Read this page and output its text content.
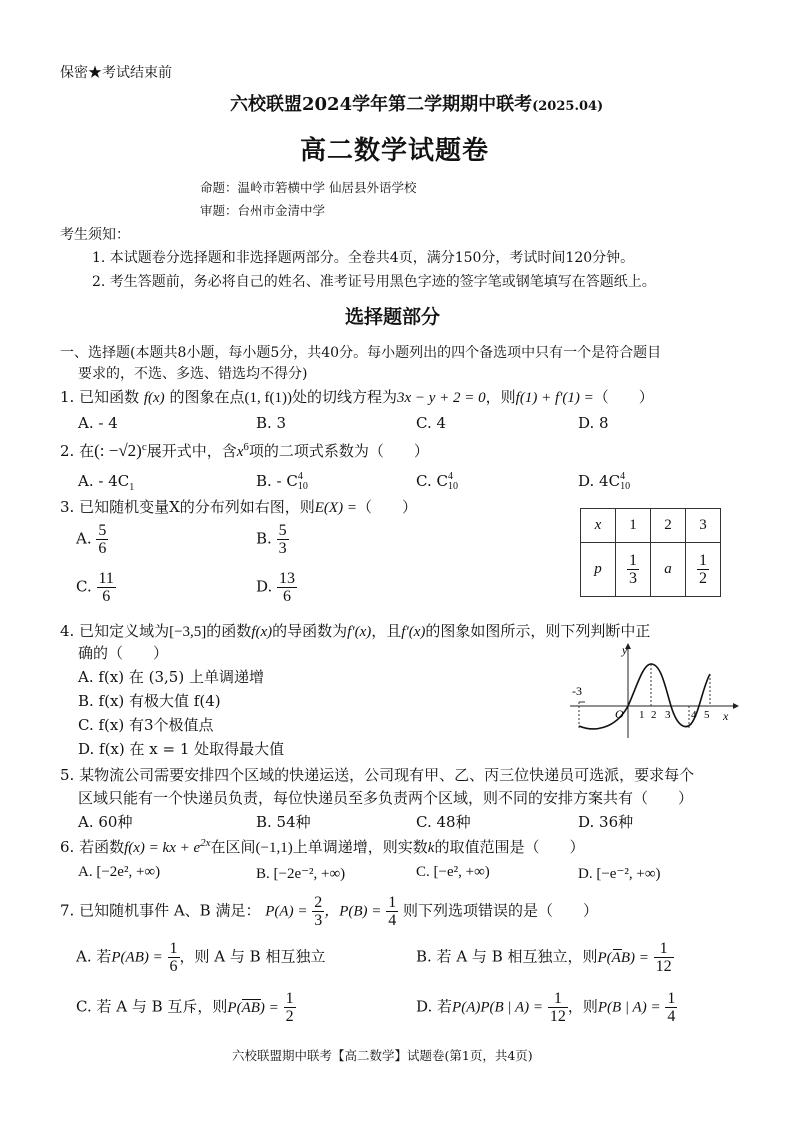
保密★考试结束前
六校联盟2024学年第二学期期中联考(2025.04)
高二数学试题卷
命题：温岭市箬横中学 仙居县外语学校
审题：台州市金清中学
考生须知：
1. 本试题卷分选择题和非选择题两部分。全卷共4页，满分150分，考试时间120分钟。
2. 考生答题前，务必将自己的姓名、准考证号用黑色字迹的签字笔或钢笔填写在答题纸上。
选择题部分
一、选择题(本题共8小题，每小题5分，共40分。每小题列出的四个备选项中只有一个是符合题目
要求的，不选、多选、错选均不得分)
1. 已知函数 f(x) 的图象在点(1, f(1))处的切线方程为3x − y + 2 = 0，则f(1) + f′(1) =（　　）
A. - 4	B. 3	C. 4	D. 8
2. 在(: −√2)$^c$展开式中，含$x^6$项的二项式系数为（　　）
A. - $4C_1$	B. - C 4
10	C. C 4
10	D. 4C 4
10
3. 已知随机变量X的分布列如右图，则E(X) =（　　）
A. $\frac{5}{6}$	B. $\frac{5}{3}$
C. $\frac{11}{6}$	D. $\frac{13}{6}$
x	1	2	3
p	$\frac{1}{3}$	a	$\frac{1}{2}$
4. 已知定义域为[−3,5]的函数f(x)的导函数为f′(x)，且f′(x)的图象如图所示，则下列判断中正
确的（　　）
A. f(x) 在 (3,5) 上单调递增
B. f(x) 有极大值 f(4)
C. f(x) 有3个极值点
D. f(x) 在 x = 1 处取得最大值
y
x
O
-3
1 2 3 4 5
5. 某物流公司需要安排四个区域的快递运送，公司现有甲、乙、丙三位快递员可选派，要求每个
区域只能有一个快递员负责，每位快递员至多负责两个区域，则不同的安排方案共有（　　）
A. 60种	B. 54种	C. 48种	D. 36种
6. 若函数f(x) = kx + $e^{2x}$在区间(−1,1)上单调递增，则实数k的取值范围是（　　）
A. [−2e², +∞)	B. [−2e⁻², +∞)	C. [−e², +∞)	D. [−e⁻², +∞)
7. 已知随机事件 A、B 满足： $P(A) = \frac{2}{3}$ ，$P(B) = \frac{1}{4}$ 则下列选项错误的是（　　）
A. 若$P(AB) = \frac{1}{6}$ ，则 A 与 B 相互独立	B. 若 A 与 B 相互独立，则P(AB) =
$\frac{1}{12}$
C. 若 A 与 B 互斥，则P(AB) =
$\frac{1}{2}$	D. 若P(A)P(B | $A) = \frac{1}{12}$ ，则P(B | $A) = \frac{1}{4}$
六校联盟期中联考【高二数学】试题卷(第1页，共4页)
